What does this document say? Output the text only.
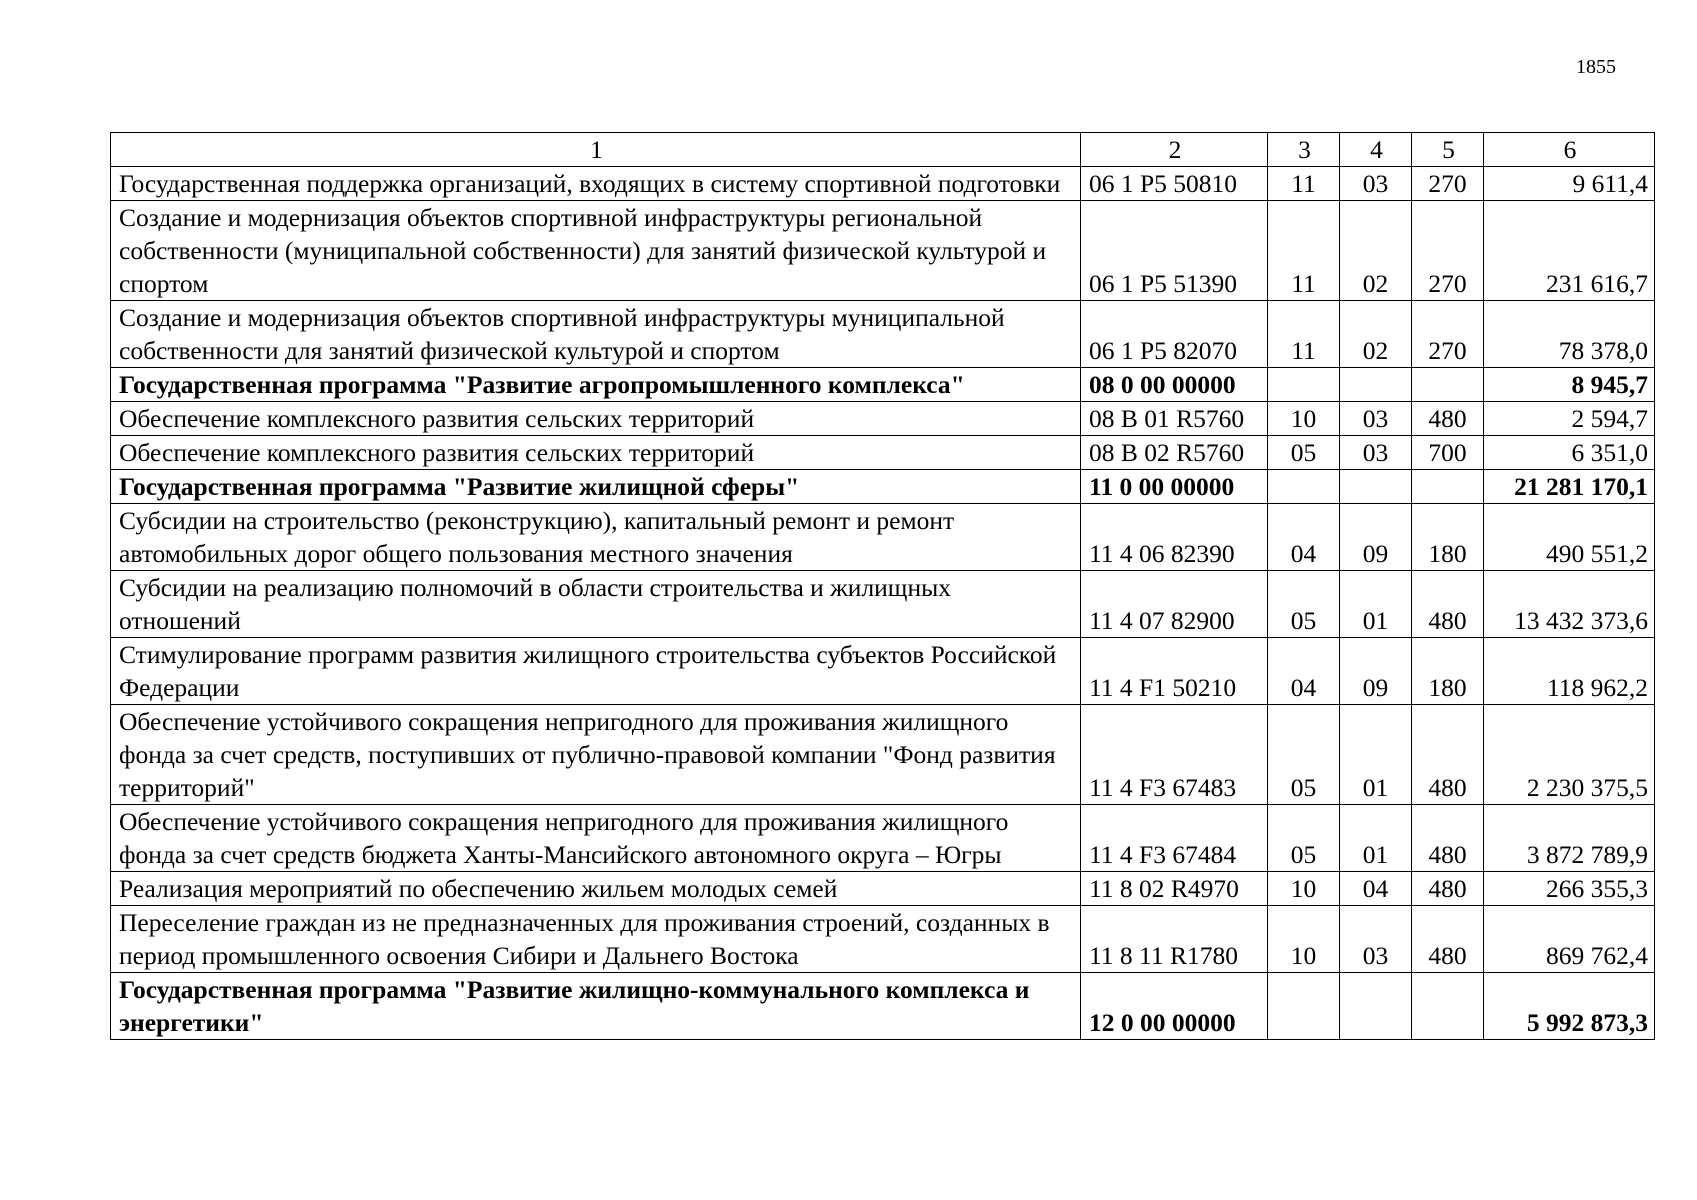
1855
1	2	3	4	5	6
Государственная поддержка организаций, входящих в систему спортивной подготовки	06 1 P5 50810	11	03	270	9 611,4
Создание и модернизация объектов спортивной инфраструктуры региональной собственности (муниципальной собственности) для занятий физической культурой и спортом	06 1 P5 51390	11	02	270	231 616,7
Создание и модернизация объектов спортивной инфраструктуры муниципальной собственности для занятий физической культурой и спортом	06 1 P5 82070	11	02	270	78 378,0
Государственная программа "Развитие агропромышленного комплекса"	08 0 00 00000				8 945,7
Обеспечение комплексного развития сельских территорий	08 В 01 R5760	10	03	480	2 594,7
Обеспечение комплексного развития сельских территорий	08 В 02 R5760	05	03	700	6 351,0
Государственная программа "Развитие жилищной сферы"	11 0 00 00000				21 281 170,1
Субсидии на строительство (реконструкцию), капитальный ремонт и ремонт автомобильных дорог общего пользования местного значения	11 4 06 82390	04	09	180	490 551,2
Субсидии на реализацию полномочий в области строительства и жилищных отношений	11 4 07 82900	05	01	480	13 432 373,6
Стимулирование программ развития жилищного строительства субъектов Российской Федерации	11 4 F1 50210	04	09	180	118 962,2
Обеспечение устойчивого сокращения непригодного для проживания жилищного фонда за счет средств, поступивших от публично-правовой компании "Фонд развития территорий"	11 4 F3 67483	05	01	480	2 230 375,5
Обеспечение устойчивого сокращения непригодного для проживания жилищного фонда за счет средств бюджета Ханты-Мансийского автономного округа – Югры	11 4 F3 67484	05	01	480	3 872 789,9
Реализация мероприятий по обеспечению жильем молодых семей	11 8 02 R4970	10	04	480	266 355,3
Переселение граждан из не предназначенных для проживания строений, созданных в период промышленного освоения Сибири и Дальнего Востока	11 8 11 R1780	10	03	480	869 762,4
Государственная программа "Развитие жилищно-коммунального комплекса и энергетики"	12 0 00 00000				5 992 873,3
